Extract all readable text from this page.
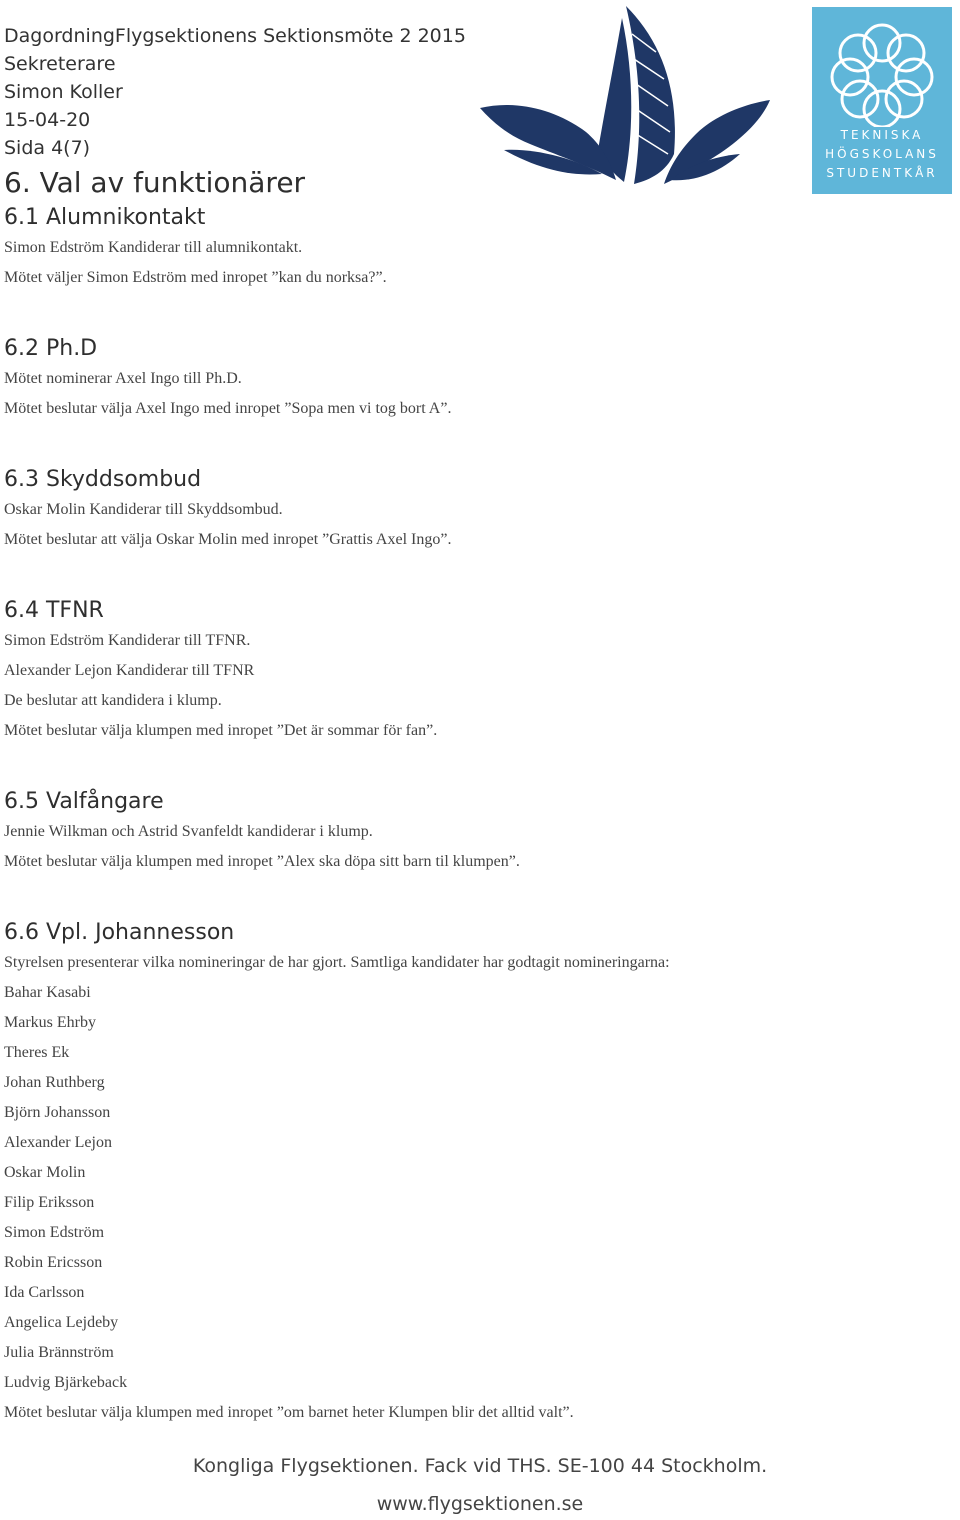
DagordningFlygsektionens Sektionsmöte 2 2015
Sekreterare
Simon Koller
15-04-20
Sida 4(7)
6. Val av funktionärer
TEKNISKA
HÖGSKOLANS
STUDENTKÅR
6.1 Alumnikontakt
Simon Edström Kandiderar till alumnikontakt.
Mötet väljer Simon Edström med inropet ”kan du norksa?”.
6.2 Ph.D
Mötet nominerar Axel Ingo till Ph.D.
Mötet beslutar välja Axel Ingo med inropet ”Sopa men vi tog bort A”.
6.3 Skyddsombud
Oskar Molin Kandiderar till Skyddsombud.
Mötet beslutar att välja Oskar Molin med inropet ”Grattis Axel Ingo”.
6.4 TFNR
Simon Edström Kandiderar till TFNR.
Alexander Lejon Kandiderar till TFNR
De beslutar att kandidera i klump.
Mötet beslutar välja klumpen med inropet ”Det är sommar för fan”.
6.5 Valfångare
Jennie Wilkman och Astrid Svanfeldt kandiderar i klump.
Mötet beslutar välja klumpen med inropet ”Alex ska döpa sitt barn til klumpen”.
6.6 Vpl. Johannesson
Styrelsen presenterar vilka nomineringar de har gjort. Samtliga kandidater har godtagit nomineringarna:
Bahar Kasabi
Markus Ehrby
Theres Ek
Johan Ruthberg
Björn Johansson
Alexander Lejon
Oskar Molin
Filip Eriksson
Simon Edström
Robin Ericsson
Ida Carlsson
Angelica Lejdeby
Julia Brännström
Ludvig Bjärkeback
Mötet beslutar välja klumpen med inropet ”om barnet heter Klumpen blir det alltid valt”.
Kongliga Flygsektionen. Fack vid THS. SE-100 44 Stockholm.
www.flygsektionen.se
